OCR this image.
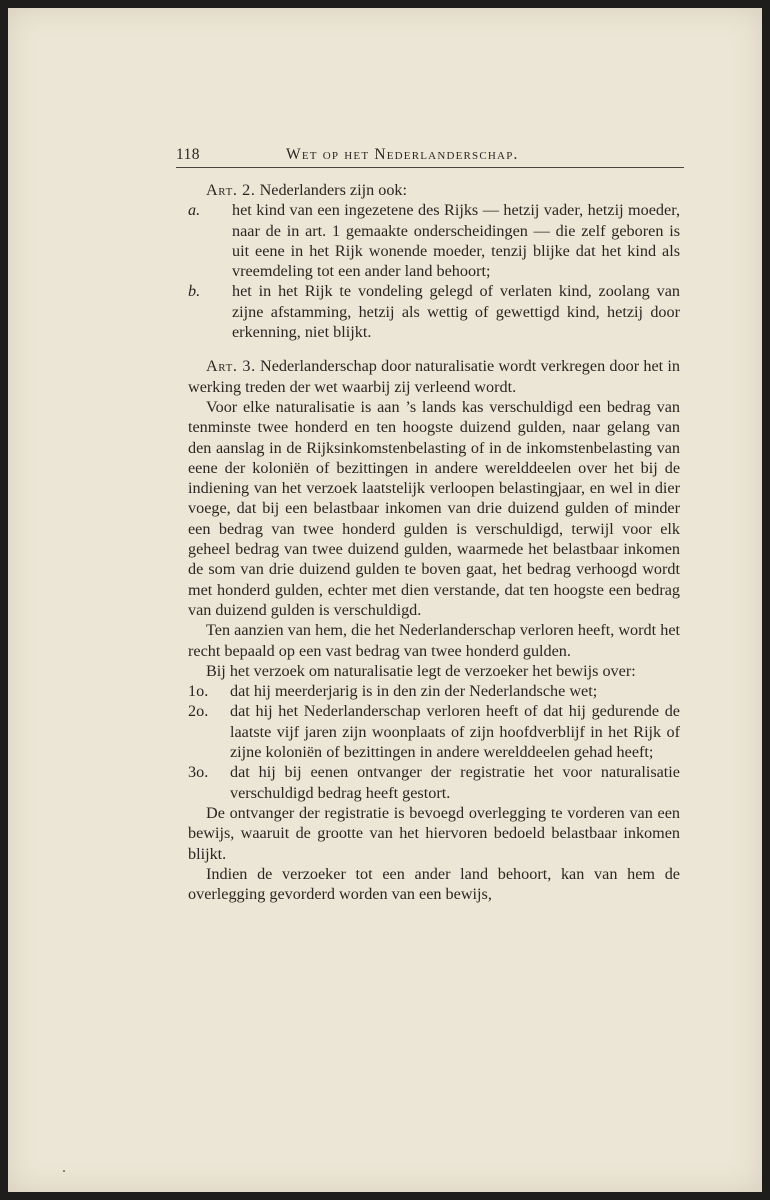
118	Wet op het Nederlanderschap.

Art. 2. Nederlanders zijn ook:

a. het kind van een ingezetene des Rijks — hetzij vader, hetzij moeder, naar de in art. 1 gemaakte onderscheidingen — die zelf geboren is uit eene in het Rijk wonende moeder, tenzij blijke dat het kind als vreemdeling tot een ander land behoort;
b. het in het Rijk te vondeling gelegd of verlaten kind, zoolang van zijne afstamming, hetzij als wettig of gewettigd kind, hetzij door erkenning, niet blijkt.

Art. 3. Nederlanderschap door naturalisatie wordt verkregen door het in werking treden der wet waarbij zij verleend wordt.

Voor elke naturalisatie is aan ’s lands kas verschuldigd een bedrag van tenminste twee honderd en ten hoogste duizend gulden, naar gelang van den aanslag in de Rijksinkomstenbelasting of in de inkomstenbelasting van eene der koloniën of bezittingen in andere werelddeelen over het bij de indiening van het verzoek laatstelijk verloopen belastingjaar, en wel in dier voege, dat bij een belastbaar inkomen van drie duizend gulden of minder een bedrag van twee honderd gulden is verschuldigd, terwijl voor elk geheel bedrag van twee duizend gulden, waarmede het belastbaar inkomen de som van drie duizend gulden te boven gaat, het bedrag verhoogd wordt met honderd gulden, echter met dien verstande, dat ten hoogste een bedrag van duizend gulden is verschuldigd.

Ten aanzien van hem, die het Nederlanderschap verloren heeft, wordt het recht bepaald op een vast bedrag van twee honderd gulden.

Bij het verzoek om naturalisatie legt de verzoeker het bewijs over:

1o. dat hij meerderjarig is in den zin der Nederlandsche wet;
2o. dat hij het Nederlanderschap verloren heeft of dat hij gedurende de laatste vijf jaren zijn woonplaats of zijn hoofdverblijf in het Rijk of zijne koloniën of bezittingen in andere werelddeelen gehad heeft;
3o. dat hij bij eenen ontvanger der registratie het voor naturalisatie verschuldigd bedrag heeft gestort.

De ontvanger der registratie is bevoegd overlegging te vorderen van een bewijs, waaruit de grootte van het hiervoren bedoeld belastbaar inkomen blijkt.

Indien de verzoeker tot een ander land behoort, kan van hem de overlegging gevorderd worden van een bewijs,
